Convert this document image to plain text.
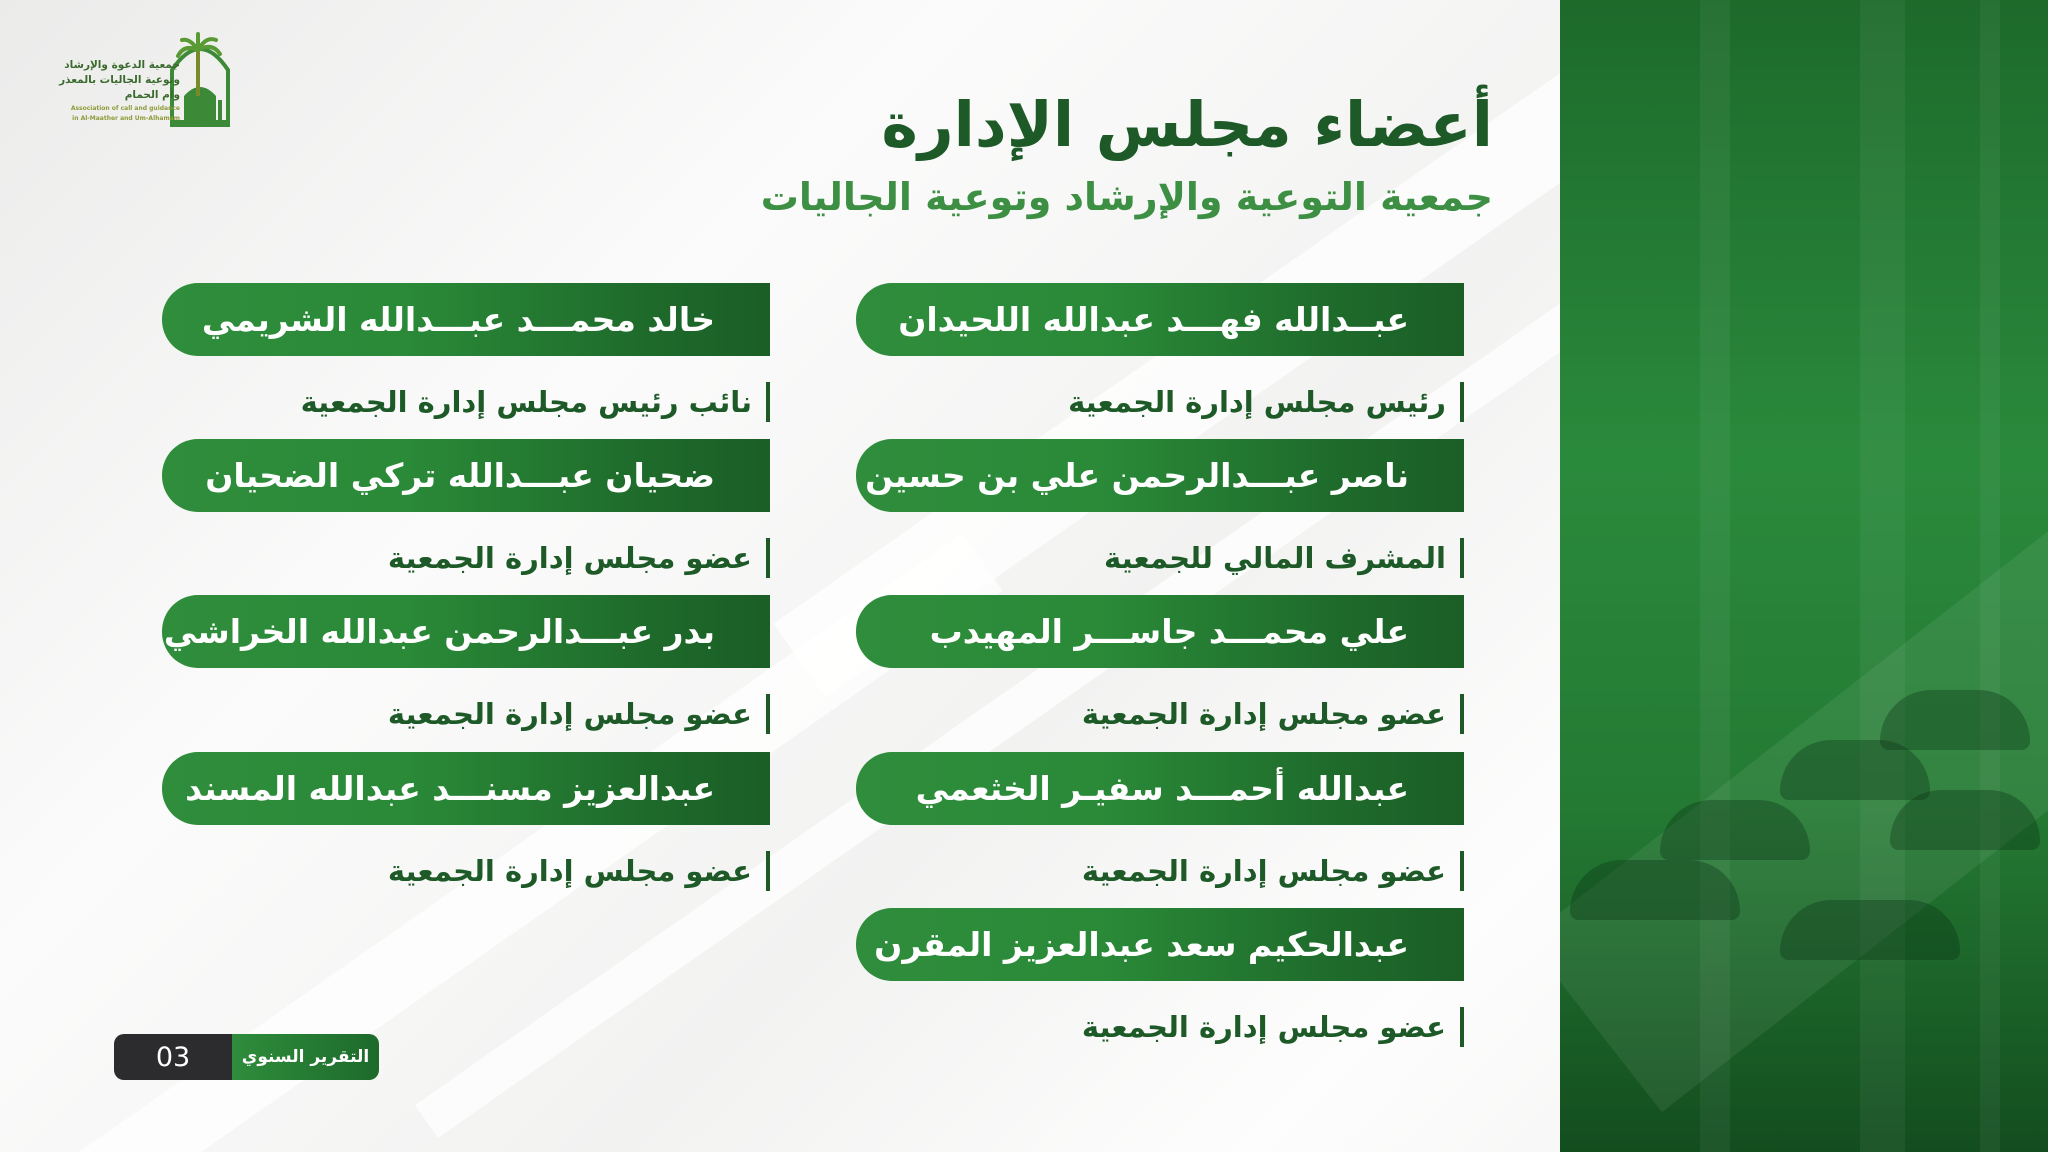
جمعية الدعوة والإرشاد
وتوعية الجاليات بالمعذر
وأم الحمام
Association of call and guidance
in Al-Maather and Um-Alhamam	أعضاء مجلس الإدارة
جمعية التوعية والإرشاد وتوعية الجاليات
عبــدالله فهـــد عبدالله اللحيدان
رئيس مجلس إدارة الجمعية
ناصر عبـــدالرحمن علي بن حسين
المشرف المالي للجمعية
علي محمـــد جاســـر المهيدب
عضو مجلس إدارة الجمعية
عبدالله أحمـــد سفيـر الخثعمي
عضو مجلس إدارة الجمعية
عبدالحكيم سعد عبدالعزيز المقرن
عضو مجلس إدارة الجمعية
خالد محمـــد عبـــدالله الشريمي
نائب رئيس مجلس إدارة الجمعية
ضحيان عبـــدالله تركي الضحيان
عضو مجلس إدارة الجمعية
بدر عبـــدالرحمن عبدالله الخراشي
عضو مجلس إدارة الجمعية
عبدالعزيز مسنـــد عبدالله المسند
عضو مجلس إدارة الجمعية
03	التقرير السنوي
